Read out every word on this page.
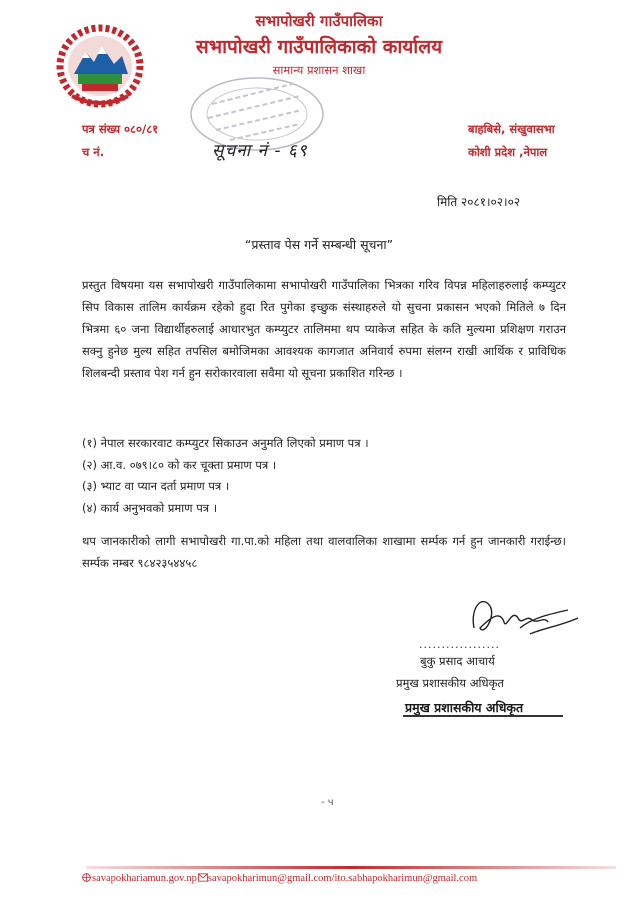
सभापोखरी गाउँपालिका
सभापोखरी गाउँपालिकाको कार्यालय
सामान्य प्रशासन शाखा
पत्र संख्य ०८०/८१
च नं.
बाहबिसे, संखुवासभा
कोशी प्रदेश ,नेपाल
सूचना नं - ६९
मिति २०८१।०२।०२
“प्रस्ताव पेस गर्ने सम्बन्धी सूचना”
प्रस्तुत विषयमा यस सभापोखरी गाउँपालिकामा सभापोखरी गाउँपालिका भित्रका गरिव विपन्न महिलाहरुलाई कम्प्युटर सिप विकास तालिम कार्यक्रम रहेको हुदा रित पुगेका इच्छुक संस्थाहरुले यो सुचना प्रकासन भएको मितिले ७ दिन भित्रमा ६० जना विद्यार्थीहरुलाई आधारभुत कम्प्युटर तालिममा थप प्याकेज सहित के कति मुल्यमा प्रशिक्षण गराउन सक्नु हुनेछ मुल्य सहित तपसिल बमोजिमका आवश्यक कागजात अनिवार्य रुपमा संलग्न राखी आर्थिक र प्राविधिक शिलबन्दी प्रस्ताव पेश गर्न हुन सरोकारवाला सवैमा यो सूचना प्रकाशित गरिन्छ ।
(१) नेपाल सरकारवाट कम्प्युटर सिकाउन अनुमति लिएको प्रमाण पत्र ।
(२) आ.व. ०७९।८० को कर चूक्ता प्रमाण पत्र ।
(३) भ्याट वा प्यान दर्ता प्रमाण पत्र ।
(४) कार्य अनुभवको प्रमाण पत्र ।
थप जानकारीको लागी सभापोखरी गा.पा.को महिला तथा वालवालिका शाखामा सर्म्पक गर्न हुन जानकारी गराईन्छ। सर्म्पक नम्बर ९८४२३५४४५८
..................
बुकु प्रसाद आचार्य
प्रमुख प्रशासकीय अधिकृत
प्रमुख प्रशासकीय अधिकृत
- ч
savapokhariamun.gov.np savapokharimun@gmail.com/ito.sabhapokharimun@gmail.com
